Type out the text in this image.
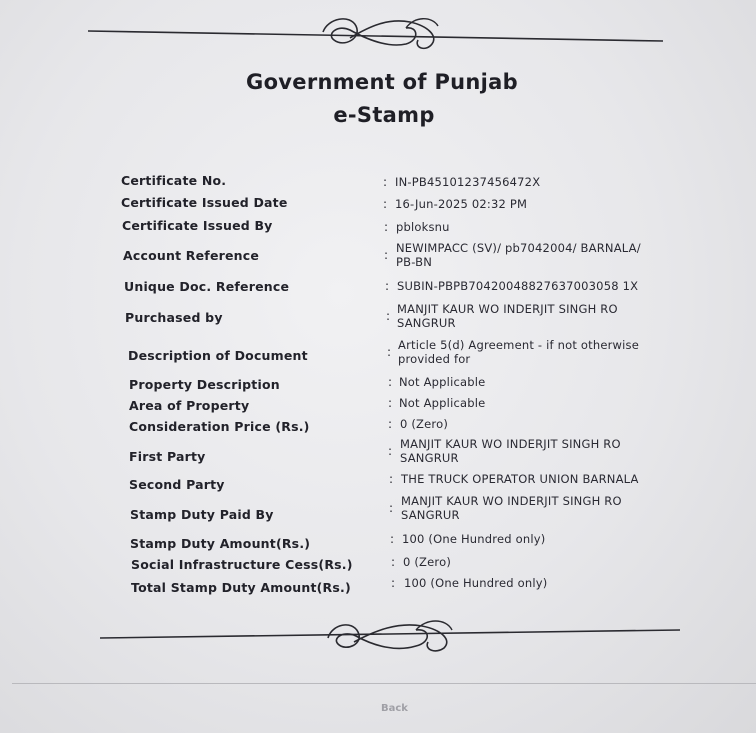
Government of Punjab
e-Stamp
Certificate No.	: IN-PB45101237456472X
Certificate Issued Date	: 16-Jun-2025 02:32 PM
Certificate Issued By	: pbloksnu
Account Reference	: NEWIMPACC (SV)/ pb7042004/ BARNALA/
PB-BN
Unique Doc. Reference	: SUBIN-PBPB70420048827637003058 1X
Purchased by	: MANJIT KAUR WO INDERJIT SINGH RO
SANGRUR
Description of Document	: Article 5(d) Agreement - if not otherwise
provided for
Property Description	: Not Applicable
Area of Property	: Not Applicable
Consideration Price (Rs.)	: 0 (Zero)
First Party	: MANJIT KAUR WO INDERJIT SINGH RO
SANGRUR
Second Party	: THE TRUCK OPERATOR UNION BARNALA
Stamp Duty Paid By	: MANJIT KAUR WO INDERJIT SINGH RO
SANGRUR
Stamp Duty Amount(Rs.)	: 100 (One Hundred only)
Social Infrastructure Cess(Rs.)	: 0 (Zero)
Total Stamp Duty Amount(Rs.)	: 100 (One Hundred only)
Back
